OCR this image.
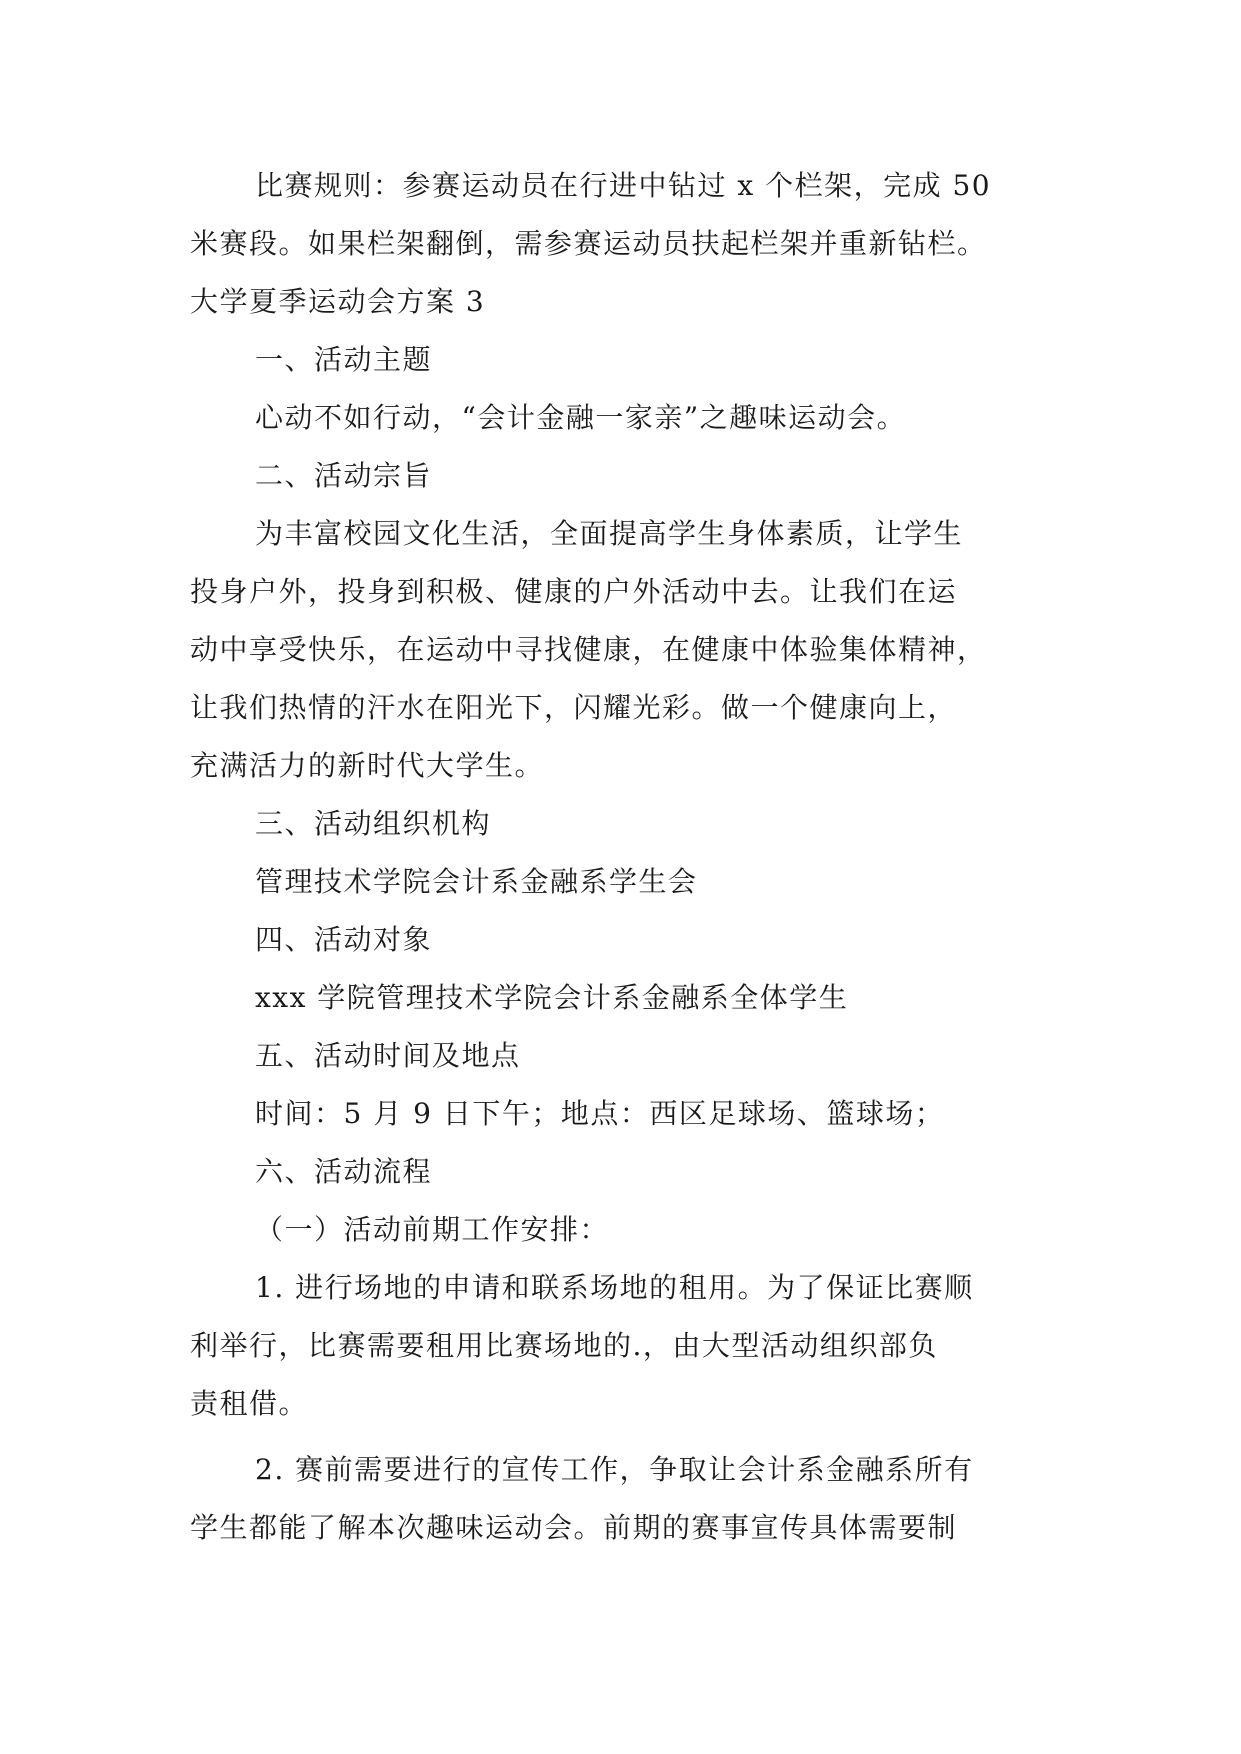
比赛规则：参赛运动员在行进中钻过 x 个栏架，完成 50
米赛段。如果栏架翻倒，需参赛运动员扶起栏架并重新钻栏。
大学夏季运动会方案 3
一、活动主题
心动不如行动，“会计金融一家亲”之趣味运动会。
二、活动宗旨
为丰富校园文化生活，全面提高学生身体素质，让学生
投身户外，投身到积极、健康的户外活动中去。让我们在运
动中享受快乐，在运动中寻找健康，在健康中体验集体精神，
让我们热情的汗水在阳光下，闪耀光彩。做一个健康向上，
充满活力的新时代大学生。
三、活动组织机构
管理技术学院会计系金融系学生会
四、活动对象
xxx 学院管理技术学院会计系金融系全体学生
五、活动时间及地点
时间：5 月 9 日下午；地点：西区足球场、篮球场；
六、活动流程
（一）活动前期工作安排：
1. 进行场地的申请和联系场地的租用。为了保证比赛顺
利举行，比赛需要租用比赛场地的.，由大型活动组织部负
责租借。
2. 赛前需要进行的宣传工作，争取让会计系金融系所有
学生都能了解本次趣味运动会。前期的赛事宣传具体需要制
